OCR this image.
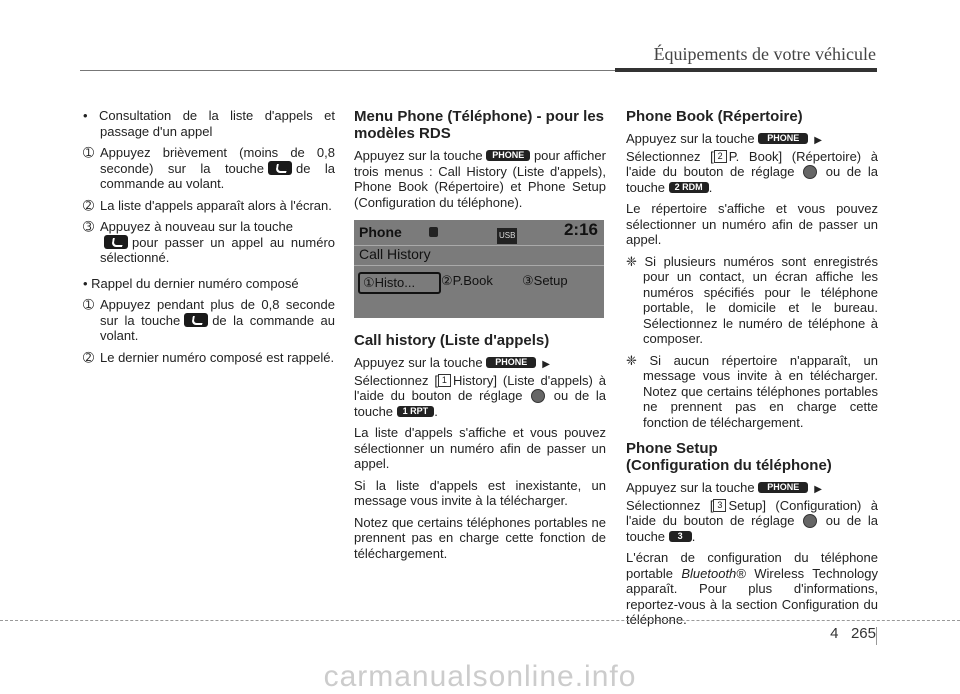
Équipements de votre véhicule

• Consultation de la liste d'appels et passage d'un appel

➀ Appuyez brièvement (moins de 0,8 seconde) sur la touche de la commande au volant.

➁ La liste d'appels apparaît alors à l'écran.

➂ Appuyez à nouveau sur la touche
pour passer un appel au numéro sélectionné.

• Rappel du dernier numéro composé

➀ Appuyez pendant plus de 0,8 seconde sur la touche de la commande au volant.

➁ Le dernier numéro composé est rappelé.

Menu Phone (Téléphone) - pour les modèles RDS

Appuyez sur la touche PHONE pour afficher trois menus : Call History (Liste d'appels), Phone Book (Répertoire) et Phone Setup (Configuration du téléphone).

Phone	USB	2:16
Call History
①Histo...	②P.Book ③Setup
Call history (Liste d'appels)

Appuyez sur la touche PHONE ▶
Sélectionnez [ 1 History] (Liste d'appels) à l'aide du bouton de réglage ou de la touche 1 RPT .

La liste d'appels s'affiche et vous pouvez sélectionner un numéro afin de passer un appel.

Si la liste d'appels est inexistante, un message vous invite à la télécharger.

Notez que certains téléphones portables ne prennent pas en charge cette fonction de téléchargement.

Phone Book (Répertoire)

Appuyez sur la touche PHONE ▶
Sélectionnez [ 2 P. Book] (Répertoire) à l'aide du bouton de réglage ou de la touche 2 RDM .

Le répertoire s'affiche et vous pouvez sélectionner un numéro afin de passer un appel.

❈ Si plusieurs numéros sont enregistrés pour un contact, un écran affiche les numéros spécifiés pour le téléphone portable, le domicile et le bureau. Sélectionnez le numéro de téléphone à composer.

❈ Si aucun répertoire n'apparaît, un message vous invite à en télécharger. Notez que certains téléphones portables ne prennent pas en charge cette fonction de téléchargement.

Phone Setup
(Configuration du téléphone)

Appuyez sur la touche PHONE ▶
Sélectionnez [ 3 Setup] (Configuration) à l'aide du bouton de réglage ou de la touche 3 .

L'écran de configuration du téléphone portable Bluetooth® Wireless Technology apparaît. Pour plus d'informations, reportez-vous à la section Configuration du téléphone.

4 265
carmanualsonline.info
